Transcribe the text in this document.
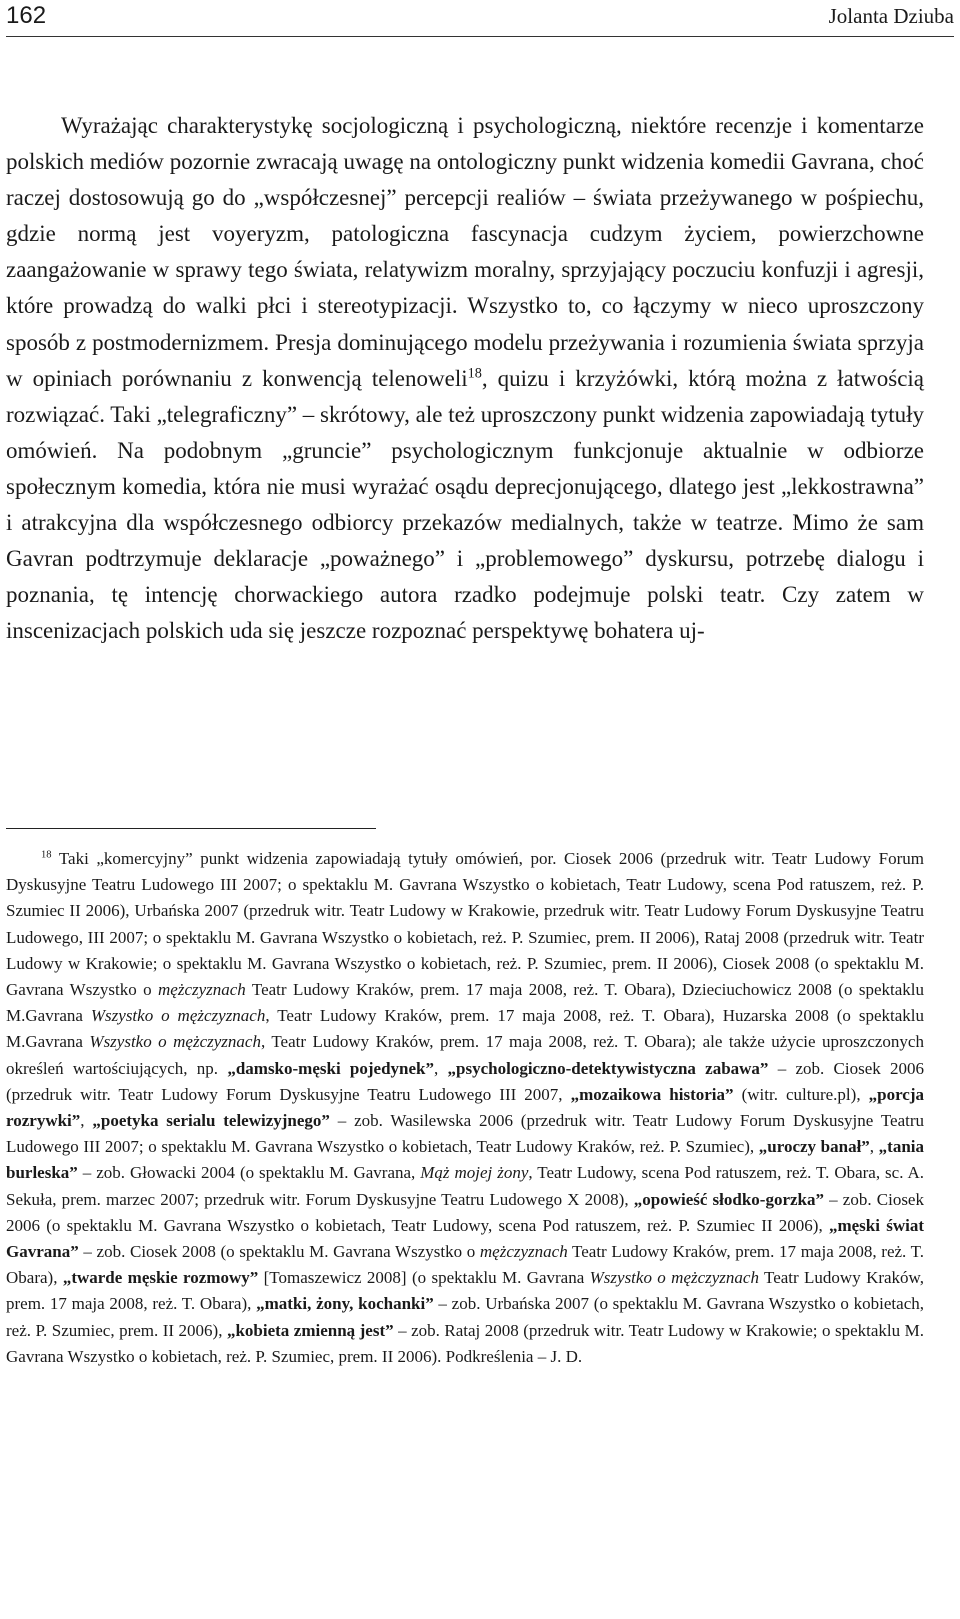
162	Jolanta Dziuba

Wyrażając charakterystykę socjologiczną i psychologiczną, niektóre recenzje i komentarze polskich mediów pozornie zwracają uwagę na ontologiczny punkt widzenia komedii Gavrana, choć raczej dostosowują go do „współczesnej” percepcji realiów – świata przeżywanego w pośpiechu, gdzie normą jest voyeryzm, patologiczna fascynacja cudzym życiem, powierzchowne zaangażowanie w sprawy tego świata, relatywizm moralny, sprzyjający poczuciu konfuzji i agresji, które prowadzą do walki płci i stereotypizacji. Wszystko to, co łączymy w nieco uproszczony sposób z postmodernizmem. Presja dominującego modelu przeżywania i rozumienia świata sprzyja w opiniach porównaniu z konwencją telenoweli$^{18}$, quizu i krzyżówki, którą można z łatwością rozwiązać. Taki „telegraficzny” – skrótowy, ale też uproszczony punkt widzenia zapowiadają tytuły omówień. Na podobnym „gruncie” psychologicznym funkcjonuje aktualnie w odbiorze społecznym komedia, która nie musi wyrażać osądu deprecjonującego, dlatego jest „lekkostrawna” i atrakcyjna dla współczesnego odbiorcy przekazów medialnych, także w teatrze. Mimo że sam Gavran podtrzymuje deklaracje „poważnego” i „problemowego” dyskursu, potrzebę dialogu i poznania, tę intencję chorwackiego autora rzadko podejmuje polski teatr. Czy zatem w inscenizacjach polskich uda się jeszcze rozpoznać perspektywę bohatera uj-

$^{18}$ Taki „komercyjny” punkt widzenia zapowiadają tytuły omówień, por. Ciosek 2006 (przedruk witr. Teatr Ludowy Forum Dyskusyjne Teatru Ludowego III 2007; o spektaklu M. Gavrana Wszystko o kobietach, Teatr Ludowy, scena Pod ratuszem, reż. P. Szumiec II 2006), Urbańska 2007 (przedruk witr. Teatr Ludowy w Krakowie, przedruk witr. Teatr Ludowy Forum Dyskusyjne Teatru Ludowego, III 2007; o spektaklu M. Gavrana Wszystko o kobietach, reż. P. Szumiec, prem. II 2006), Rataj 2008 (przedruk witr. Teatr Ludowy w Krakowie; o spektaklu M. Gavrana Wszystko o kobietach, reż. P. Szumiec, prem. II 2006), Ciosek 2008 (o spektaklu M. Gavrana Wszystko o mężczyznach Teatr Ludowy Kraków, prem. 17 maja 2008, reż. T. Obara), Dzieciuchowicz 2008 (o spektaklu M.Gavrana Wszystko o mężczyznach, Teatr Ludowy Kraków, prem. 17 maja 2008, reż. T. Obara), Huzarska 2008 (o spektaklu M.Gavrana Wszystko o mężczyznach, Teatr Ludowy Kraków, prem. 17 maja 2008, reż. T. Obara); ale także użycie uproszczonych określeń wartościujących, np. „damsko-męski pojedynek”, „psychologiczno-detektywistyczna zabawa” – zob. Ciosek 2006 (przedruk witr. Teatr Ludowy Forum Dyskusyjne Teatru Ludowego III 2007, „mozaikowa historia” (witr. culture.pl), „porcja rozrywki”, „poetyka serialu telewizyjnego” – zob. Wasilewska 2006 (przedruk witr. Teatr Ludowy Forum Dyskusyjne Teatru Ludowego III 2007; o spektaklu M. Gavrana Wszystko o kobietach, Teatr Ludowy Kraków, reż. P. Szumiec), „uroczy banał”, „tania burleska” – zob. Głowacki 2004 (o spektaklu M. Gavrana, Mąż mojej żony, Teatr Ludowy, scena Pod ratuszem, reż. T. Obara, sc. A. Sekuła, prem. marzec 2007; przedruk witr. Forum Dyskusyjne Teatru Ludowego X 2008), „opowieść słodko-gorzka” – zob. Ciosek 2006 (o spektaklu M. Gavrana Wszystko o kobietach, Teatr Ludowy, scena Pod ratuszem, reż. P. Szumiec II 2006), „męski świat Gavrana” – zob. Ciosek 2008 (o spektaklu M. Gavrana Wszystko o mężczyznach Teatr Ludowy Kraków, prem. 17 maja 2008, reż. T. Obara), „twarde męskie rozmowy” [Tomaszewicz 2008] (o spektaklu M. Gavrana Wszystko o mężczyznach Teatr Ludowy Kraków, prem. 17 maja 2008, reż. T. Obara), „matki, żony, kochanki” – zob. Urbańska 2007 (o spektaklu M. Gavrana Wszystko o kobietach, reż. P. Szumiec, prem. II 2006), „kobieta zmienną jest” – zob. Rataj 2008 (przedruk witr. Teatr Ludowy w Krakowie; o spektaklu M. Gavrana Wszystko o kobietach, reż. P. Szumiec, prem. II 2006). Podkreślenia – J. D.
